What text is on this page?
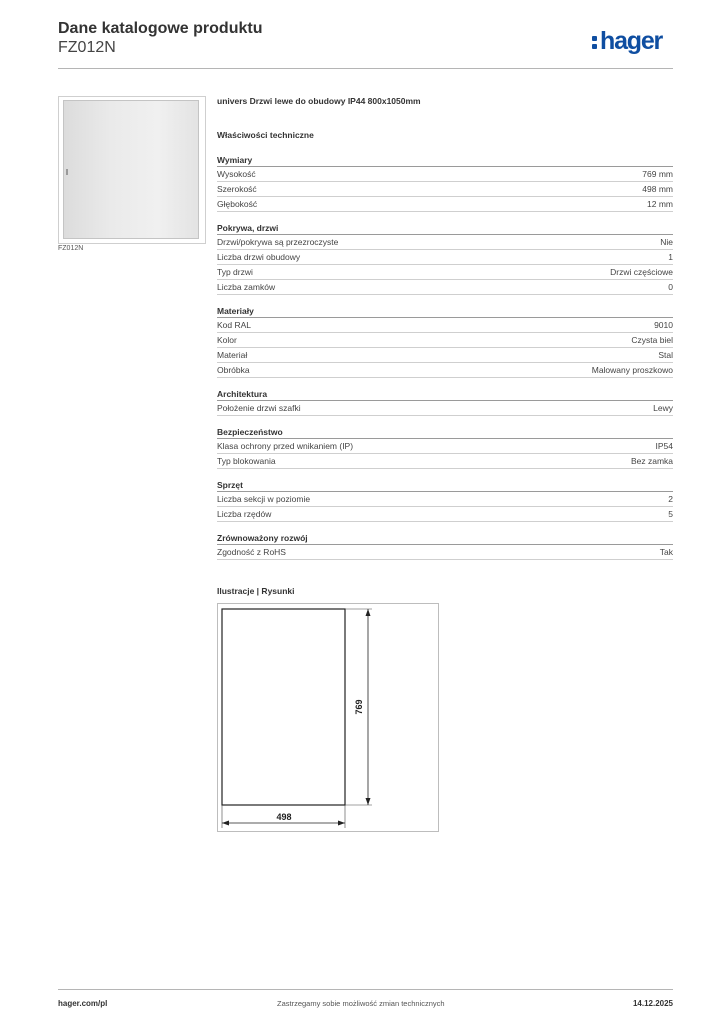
Dane katalogowe produktu
FZ012N	hager
FZ012N
univers Drzwi lewe do obudowy IP44 800x1050mm
Właściwości techniczne
Wymiary
Wysokość	769 mm
Szerokość	498 mm
Głębokość	12 mm
Pokrywa, drzwi
Drzwi/pokrywa są przezroczyste	Nie
Liczba drzwi obudowy	1
Typ drzwi	Drzwi częściowe
Liczba zamków	0
Materiały
Kod RAL	9010
Kolor	Czysta biel
Materiał	Stal
Obróbka	Malowany proszkowo
Architektura
Położenie drzwi szafki	Lewy
Bezpieczeństwo
Klasa ochrony przed wnikaniem (IP)	IP54
Typ blokowania	Bez zamka
Sprzęt
Liczba sekcji w poziomie	2
Liczba rzędów	5
Zrównoważony rozwój
Zgodność z RoHS	Tak
Ilustracje | Rysunki
769
498
hager.com/pl	Zastrzegamy sobie możliwość zmian technicznych	14.12.2025
